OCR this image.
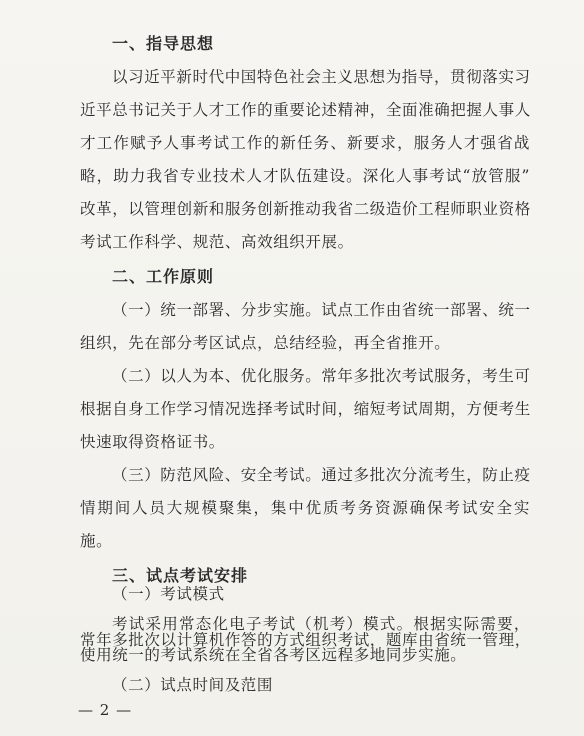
一、指导思想
以习近平新时代中国特色社会主义思想为指导，贯彻落实习
近平总书记关于人才工作的重要论述精神，全面准确把握人事人
才工作赋予人事考试工作的新任务、新要求，服务人才强省战
略，助力我省专业技术人才队伍建设。深化人事考试“放管服”
改革，以管理创新和服务创新推动我省二级造价工程师职业资格
考试工作科学、规范、高效组织开展。
二、工作原则
（一）统一部署、分步实施。试点工作由省统一部署、统一
组织，先在部分考区试点，总结经验，再全省推开。
（二）以人为本、优化服务。常年多批次考试服务，考生可
根据自身工作学习情况选择考试时间，缩短考试周期，方便考生
快速取得资格证书。
（三）防范风险、安全考试。通过多批次分流考生，防止疫
情期间人员大规模聚集，集中优质考务资源确保考试安全实
施。
三、试点考试安排
（一）考试模式
考试采用常态化电子考试（机考）模式。根据实际需要，
常年多批次以计算机作答的方式组织考试，题库由省统一管理，
— 2 —
使用统一的考试系统在全省各考区远程多地同步实施。
（二）试点时间及范围
